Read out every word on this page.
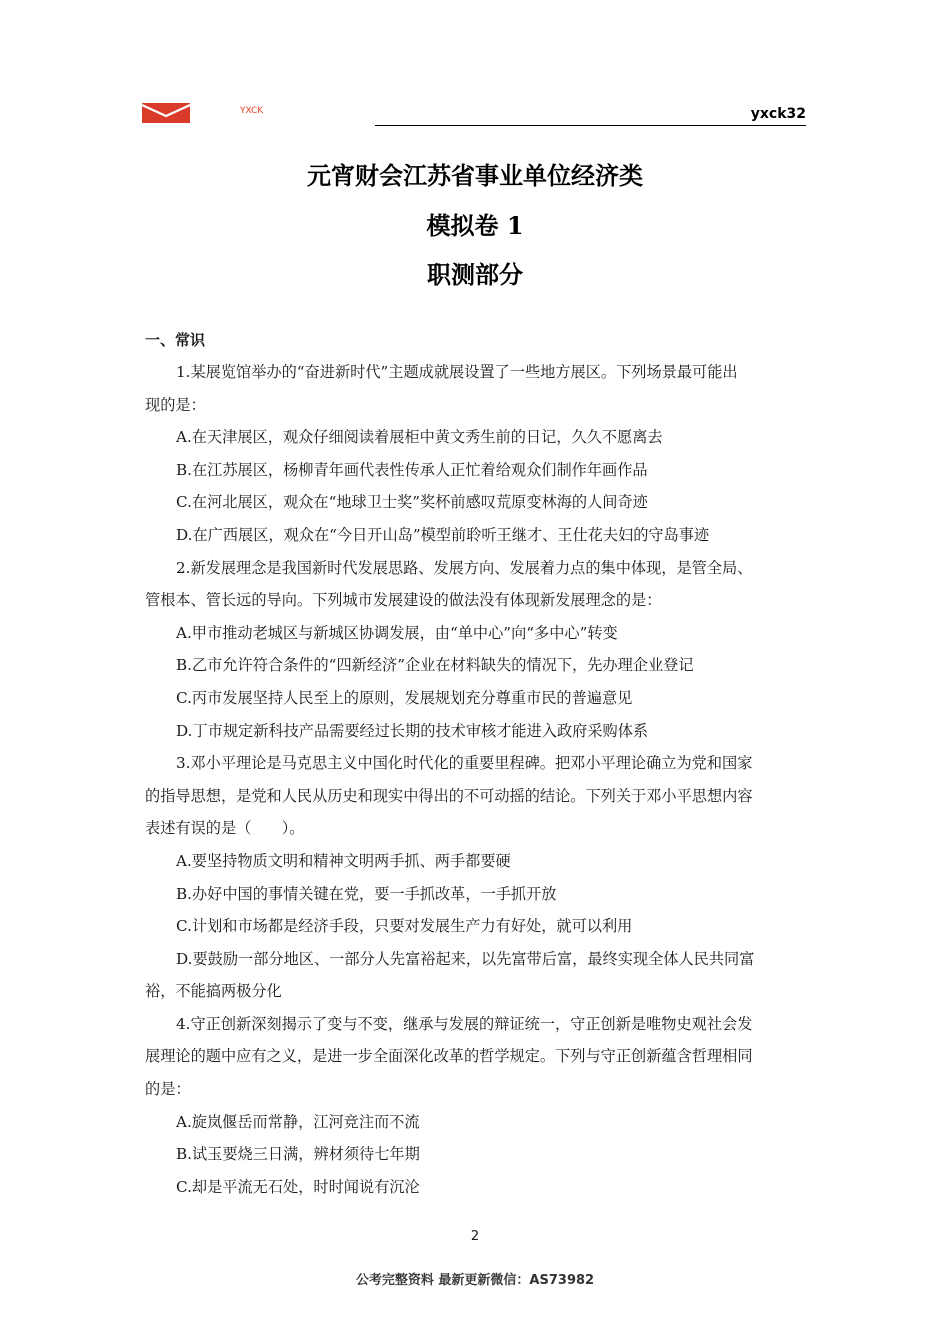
YXCK	yxck32
元宵财会江苏省事业单位经济类
模拟卷 1
职测部分
一、常识
1.某展览馆举办的“奋进新时代”主题成就展设置了一些地方展区。下列场景最可能出
现的是：
A.在天津展区，观众仔细阅读着展柜中黄文秀生前的日记，久久不愿离去
B.在江苏展区，杨柳青年画代表性传承人正忙着给观众们制作年画作品
C.在河北展区，观众在“地球卫士奖”奖杯前感叹荒原变林海的人间奇迹
D.在广西展区，观众在“今日开山岛”模型前聆听王继才、王仕花夫妇的守岛事迹
2.新发展理念是我国新时代发展思路、发展方向、发展着力点的集中体现，是管全局、
管根本、管长远的导向。下列城市发展建设的做法没有体现新发展理念的是：
A.甲市推动老城区与新城区协调发展，由“单中心”向“多中心”转变
B.乙市允许符合条件的“四新经济”企业在材料缺失的情况下，先办理企业登记
C.丙市发展坚持人民至上的原则，发展规划充分尊重市民的普遍意见
D.丁市规定新科技产品需要经过长期的技术审核才能进入政府采购体系
3.邓小平理论是马克思主义中国化时代化的重要里程碑。把邓小平理论确立为党和国家
的指导思想，是党和人民从历史和现实中得出的不可动摇的结论。下列关于邓小平思想内容
表述有误的是（　　）。
A.要坚持物质文明和精神文明两手抓、两手都要硬
B.办好中国的事情关键在党，要一手抓改革，一手抓开放
C.计划和市场都是经济手段，只要对发展生产力有好处，就可以利用
D.要鼓励一部分地区、一部分人先富裕起来，以先富带后富，最终实现全体人民共同富
裕，不能搞两极分化
4.守正创新深刻揭示了变与不变，继承与发展的辩证统一，守正创新是唯物史观社会发
展理论的题中应有之义，是进一步全面深化改革的哲学规定。下列与守正创新蕴含哲理相同
的是：
A.旋岚偃岳而常静，江河竞注而不流
B.试玉要烧三日满，辨材须待七年期
C.却是平流无石处，时时闻说有沉沦
2
公考完整资料 最新更新微信：AS73982
